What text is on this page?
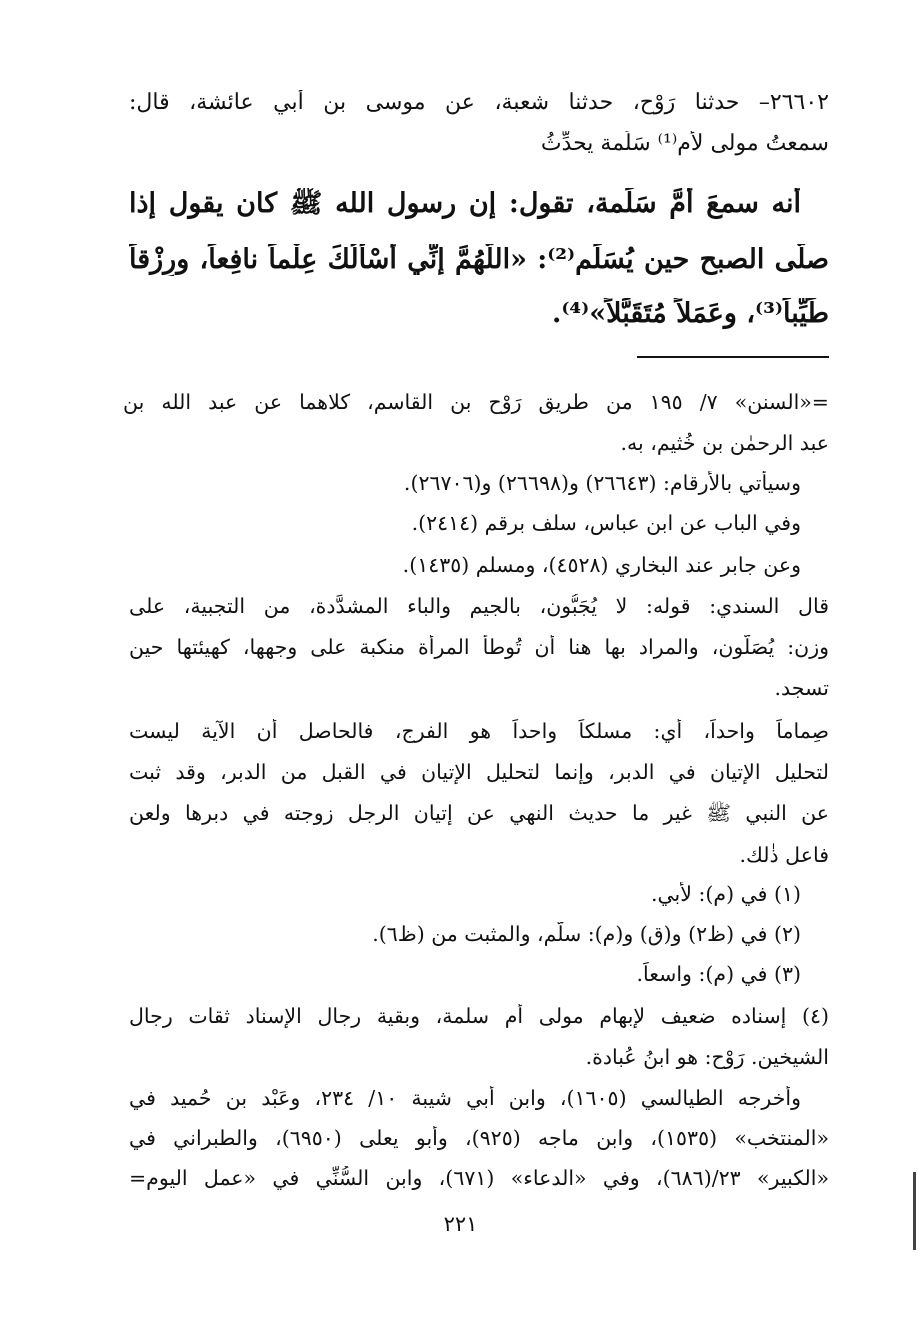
٢٦٦٠٢– حدثنا رَوْح، حدثنا شعبة، عن موسى بن أبي عائشة، قال:
سمعتُ مولى لأم⁽¹⁾ سَلَمة يحدِّثُ
أنه سمعَ أمَّ سَلَمة، تقول: إن رسول الله ﷺ كان يقول إذا
صلَّى الصبح حين يُسَلِّم⁽²⁾: «اللَّهُمَّ إنِّي أَسْأَلُكَ عِلْماً نافِعاً، ورِزْقاً
طَيِّباً⁽³⁾، وعَمَلاً مُتَقَبَّلاً»⁽⁴⁾.
=«السنن» ٧/ ١٩٥ من طريق رَوْح بن القاسم، كلاهما عن عبد الله بن
عبد الرحمٰن بن خُثيم، به.
وسيأتي بالأرقام: (٢٦٦٤٣) و(٢٦٦٩٨) و(٢٦٧٠٦).
وفي الباب عن ابن عباس، سلف برقم (٢٤١٤).
وعن جابر عند البخاري (٤٥٢٨)، ومسلم (١٤٣٥).
قال السندي: قوله: لا يُجَبُّون، بالجيم والباء المشدَّدة، من التجبية، على
وزن: يُصَلُّون، والمراد بها هنا أن تُوطأ المرأة منكبة على وجهها، كهيئتها حين
تسجد.
صِماماً واحداً، أي: مسلكاً واحداً هو الفرج، فالحاصل أن الآية ليست
لتحليل الإتيان في الدبر، وإنما لتحليل الإتيان في القبل من الدبر، وقد ثبت
عن النبي ﷺ غير ما حديث النهي عن إتيان الرجل زوجته في دبرها ولعن
فاعل ذٰلك.
(١) في (م): لأبي.
(٢) في (ظ٢) و(ق) و(م): سلَّم، والمثبت من (ظ٦).
(٣) في (م): واسعاً.
(٤) إسناده ضعيف لإبهام مولى أم سلمة، وبقية رجال الإسناد ثقات رجال
الشيخين. رَوْح: هو ابنُ عُبادة.
وأخرجه الطيالسي (١٦٠٥)، وابن أبي شيبة ١٠/ ٢٣٤، وعَبْد بن حُميد في
«المنتخب» (١٥٣٥)، وابن ماجه (٩٢٥)، وأبو يعلى (٦٩٥٠)، والطبراني في
«الكبير» ٢٣/(٦٨٦)، وفي «الدعاء» (٦٧١)، وابن السُّنِّي في «عمل اليوم=
٢٢١
